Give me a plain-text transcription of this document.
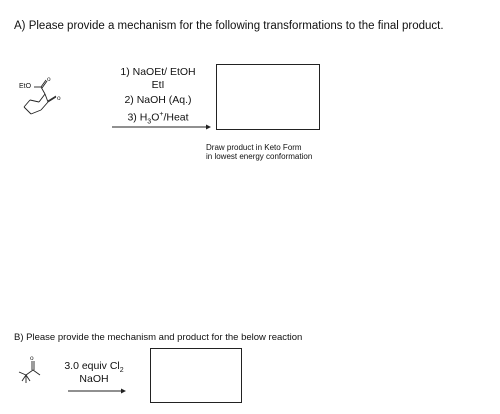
A) Please provide a mechanism for the following transformations to the final product.
EtO
o
o
1) NaOEt/ EtOH
EtI
2) NaOH (Aq.)
3) $H_3O^+$/Heat
Draw product in Keto Form
in lowest energy conformation
B) Please provide the mechanism and product for the below reaction
o
3.0 equiv $Cl_2$
NaOH
